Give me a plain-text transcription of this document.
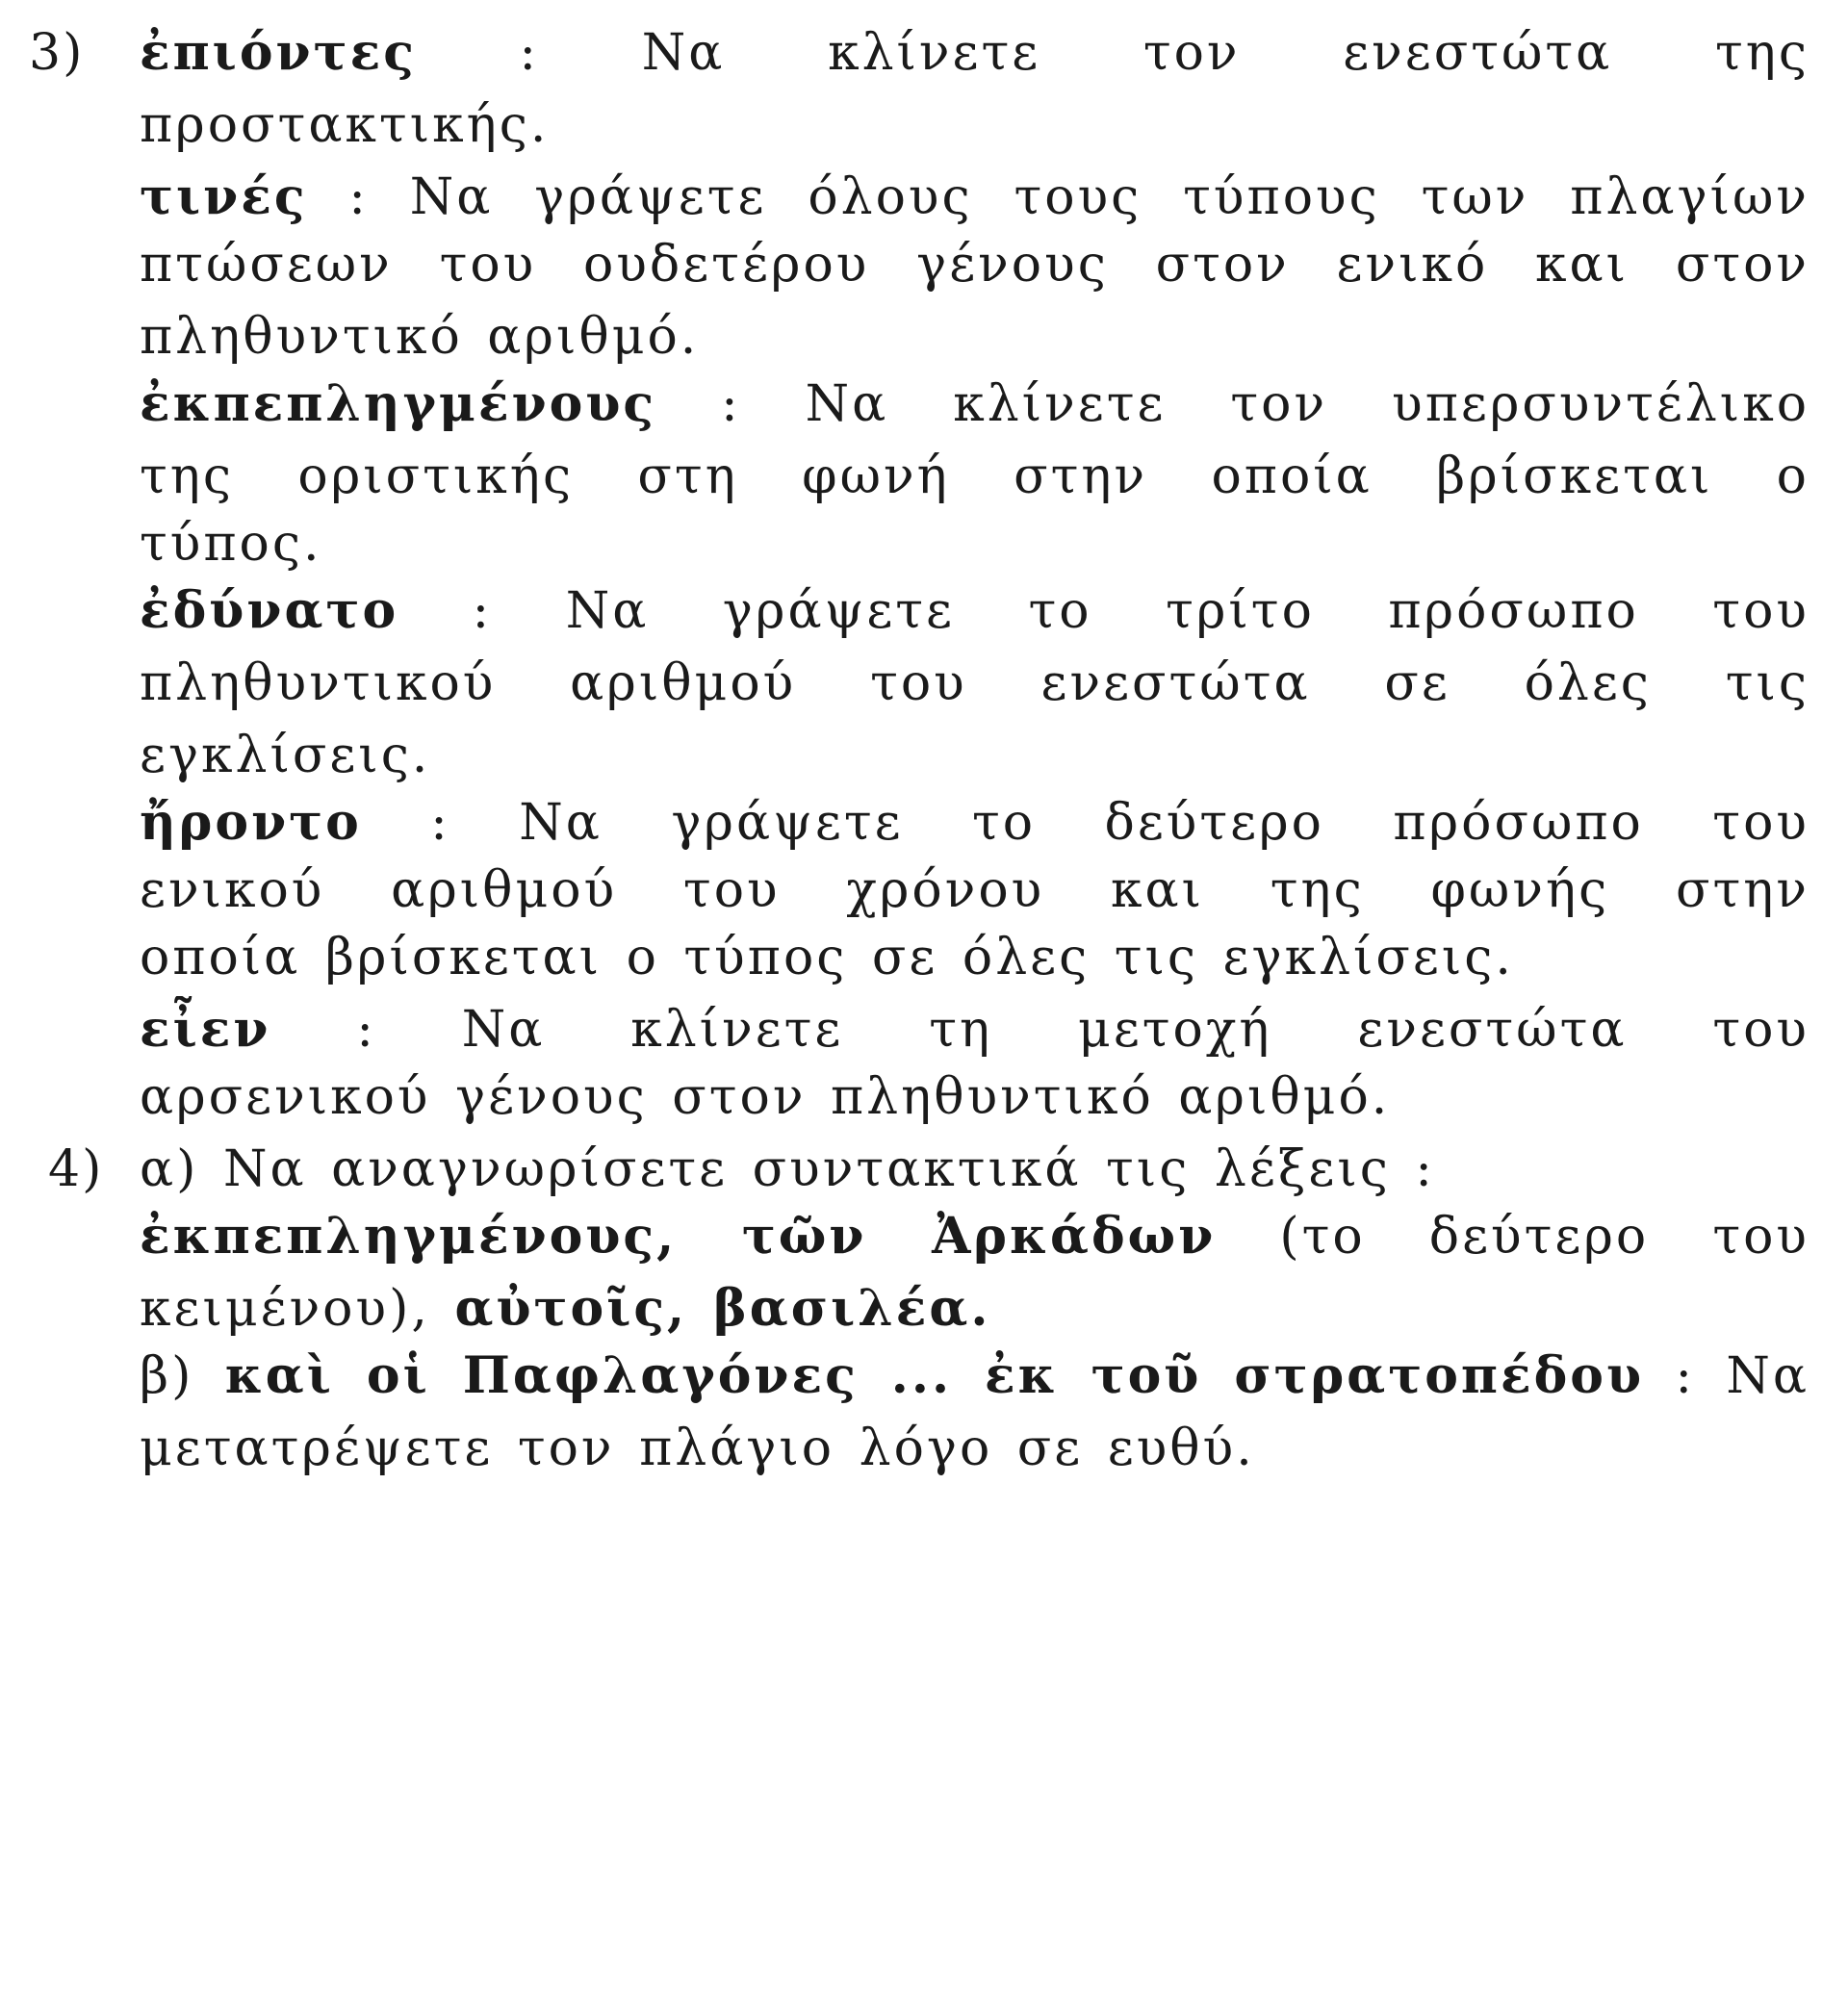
3) ἐπιόντες : Να κλίνετε τον ενεστώτα της
προστακτικής.
τινές : Να γράψετε όλους τους τύπους των πλαγίων
πτώσεων του ουδετέρου γένους στον ενικό και στον
πληθυντικό αριθμό.
ἐκπεπληγμένους : Να κλίνετε τον υπερσυντέλικο
της οριστικής στη φωνή στην οποία βρίσκεται ο
τύπος.
ἐδύνατο : Να γράψετε το τρίτο πρόσωπο του
πληθυντικού αριθμού του ενεστώτα σε όλες τις
εγκλίσεις.
ἤροντο : Να γράψετε το δεύτερο πρόσωπο του
ενικού αριθμού του χρόνου και της φωνής στην
οποία βρίσκεται ο τύπος σε όλες τις εγκλίσεις.
εἶεν : Να κλίνετε τη μετοχή ενεστώτα του
αρσενικού γένους στον πληθυντικό αριθμό.
4) α) Να αναγνωρίσετε συντακτικά τις λέξεις :
ἐκπεπληγμένους, τῶν Ἀρκάδων (το δεύτερο του
κειμένου), αὐτοῖς, βασιλέα.
β) καὶ οἱ Παφλαγόνες ... ἐκ τοῦ στρατοπέδου : Να
μετατρέψετε τον πλάγιο λόγο σε ευθύ.
